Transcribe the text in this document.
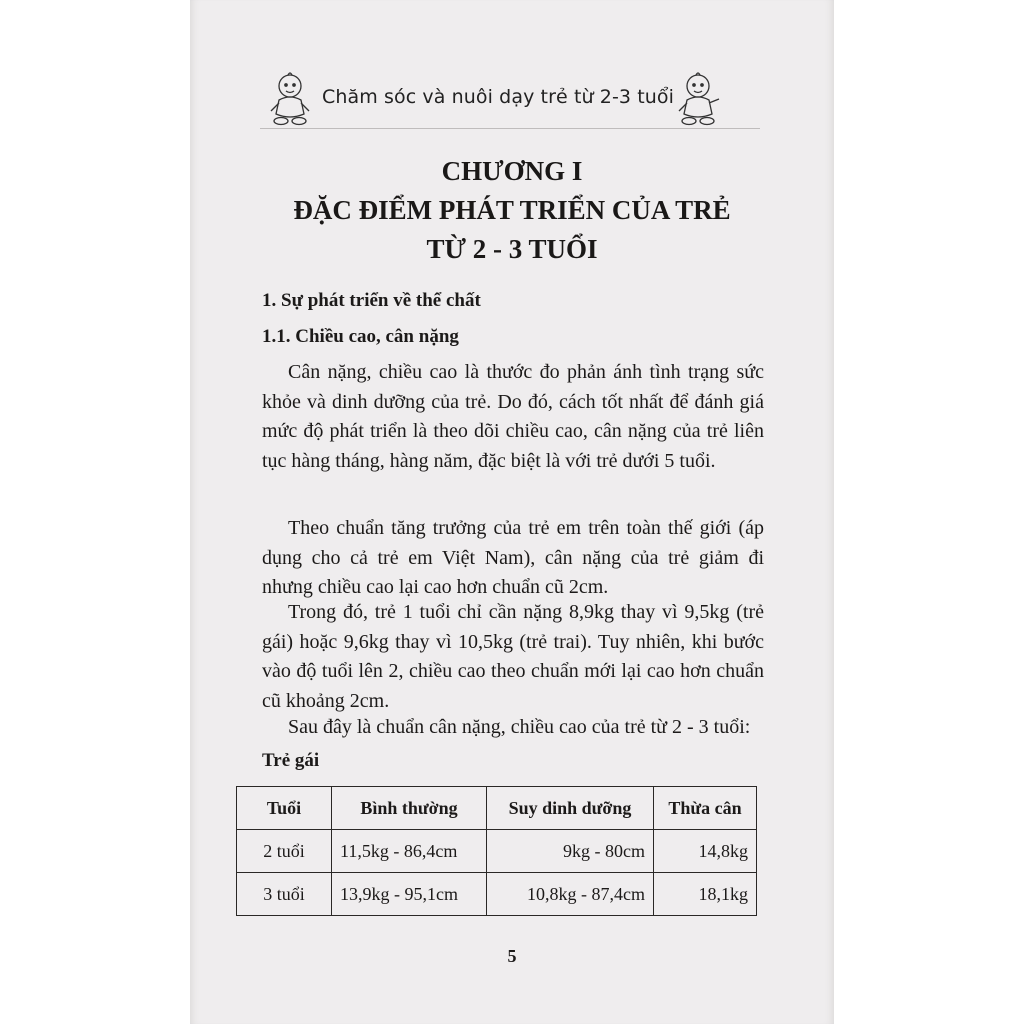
Chăm sóc và nuôi dạy trẻ từ 2-3 tuổi
CHƯƠNG I
ĐẶC ĐIỂM PHÁT TRIỂN CỦA TRẺ
TỪ 2 - 3 TUỔI
1. Sự phát triển về thể chất
1.1. Chiều cao, cân nặng

Cân nặng, chiều cao là thước đo phản ánh tình trạng sức khỏe và dinh dưỡng của trẻ. Do đó, cách tốt nhất để đánh giá mức độ phát triển là theo dõi chiều cao, cân nặng của trẻ liên tục hàng tháng, hàng năm, đặc biệt là với trẻ dưới 5 tuổi.

Theo chuẩn tăng trưởng của trẻ em trên toàn thế giới (áp dụng cho cả trẻ em Việt Nam), cân nặng của trẻ giảm đi nhưng chiều cao lại cao hơn chuẩn cũ 2cm.

Trong đó, trẻ 1 tuổi chỉ cần nặng 8,9kg thay vì 9,5kg (trẻ gái) hoặc 9,6kg thay vì 10,5kg (trẻ trai). Tuy nhiên, khi bước vào độ tuổi lên 2, chiều cao theo chuẩn mới lại cao hơn chuẩn cũ khoảng 2cm.

Sau đây là chuẩn cân nặng, chiều cao của trẻ từ 2 - 3 tuổi:

Trẻ gái
Tuổi	Bình thường	Suy dinh dưỡng	Thừa cân
2 tuổi	11,5kg - 86,4cm	9kg - 80cm	14,8kg
3 tuổi	13,9kg - 95,1cm	10,8kg - 87,4cm	18,1kg
5
